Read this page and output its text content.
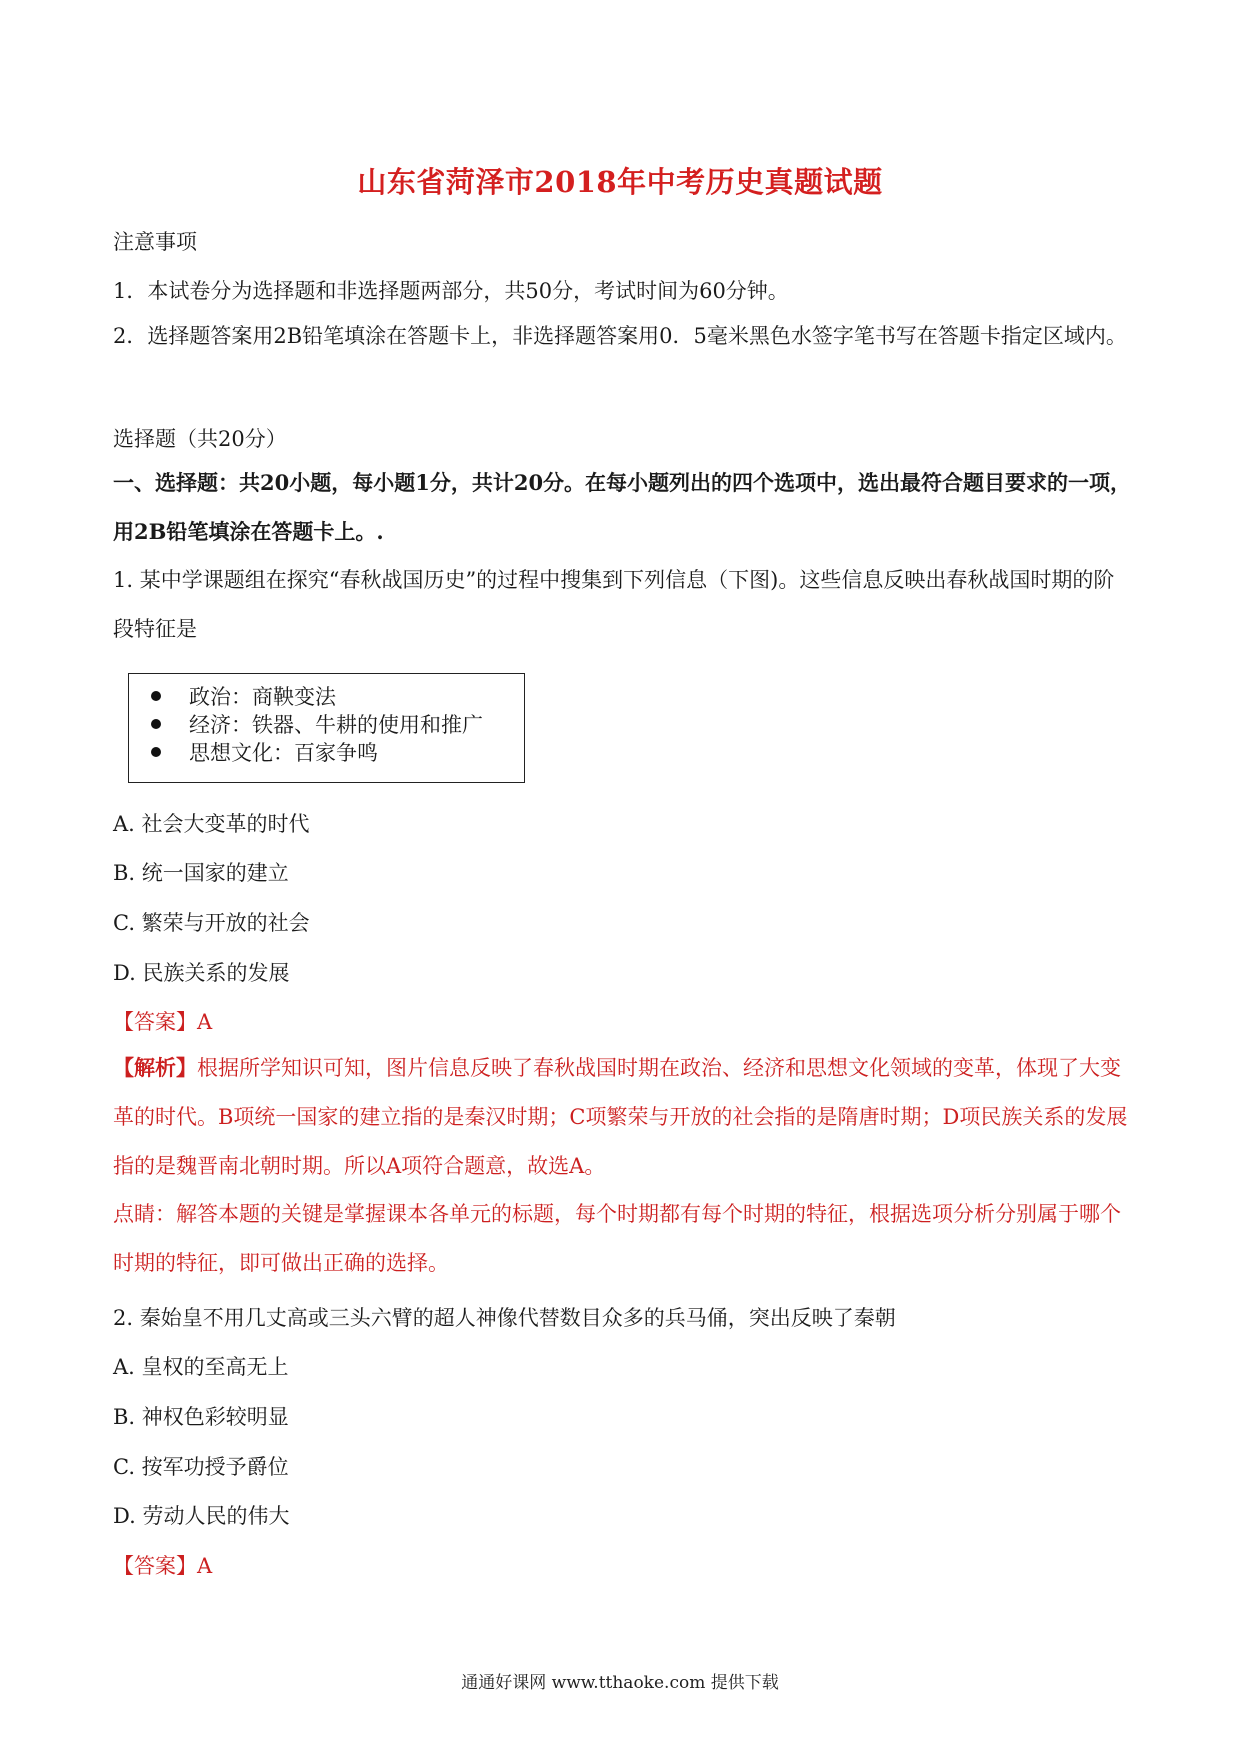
山东省菏泽市2018年中考历史真题试题
注意事项
1．本试卷分为选择题和非选择题两部分，共50分，考试时间为60分钟。
2．选择题答案用2B铅笔填涂在答题卡上，非选择题答案用0．5毫米黑色水签字笔书写在答题卡指定区域内。
选择题（共20分）
一、选择题：共20小题，每小题1分，共计20分。在每小题列出的四个选项中，选出最符合题目要求的一项，用2B铅笔填涂在答题卡上。.
1. 某中学课题组在探究“春秋战国历史”的过程中搜集到下列信息（下图)。这些信息反映出春秋战国时期的阶段特征是
政治：商鞅变法
经济：铁器、牛耕的使用和推广
思想文化：百家争鸣
A. 社会大变革的时代
B. 统一国家的建立
C. 繁荣与开放的社会
D. 民族关系的发展
【答案】A
【解析】根据所学知识可知，图片信息反映了春秋战国时期在政治、经济和思想文化领域的变革，体现了大变革的时代。B项统一国家的建立指的是秦汉时期；C项繁荣与开放的社会指的是隋唐时期；D项民族关系的发展指的是魏晋南北朝时期。所以A项符合题意，故选A。
点睛：解答本题的关键是掌握课本各单元的标题，每个时期都有每个时期的特征，根据选项分析分别属于哪个时期的特征，即可做出正确的选择。
2. 秦始皇不用几丈高或三头六臂的超人神像代替数目众多的兵马俑，突出反映了秦朝
A. 皇权的至高无上
B. 神权色彩较明显
C. 按军功授予爵位
D. 劳动人民的伟大
【答案】A
通通好课网 www.tthaoke.com 提供下载
